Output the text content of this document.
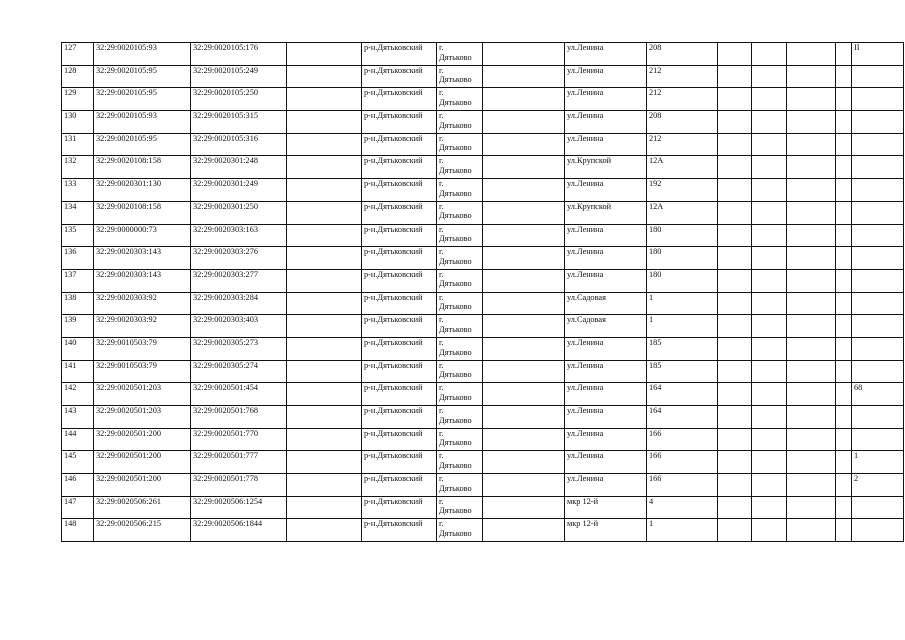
127	32:29:0020105:93	32:29:0020105:176		р-н.Дятьковский	г.
Дятьково		ул.Ленина	208					II
128	32:29:0020105:95	32:29:0020105:249		р-н.Дятьковский	г.
Дятьково		ул.Ленина	212					
129	32:29:0020105:95	32:29:0020105:250		р-н.Дятьковский	г.
Дятьково		ул.Ленина	212					
130	32:29:0020105:93	32:29:0020105:315		р-н.Дятьковский	г.
Дятьково		ул.Ленина	208					
131	32:29:0020105:95	32:29:0020105:316		р-н.Дятьковский	г.
Дятьково		ул.Ленина	212					
132	32:29:0020108:158	32:29:0020301:248		р-н.Дятьковский	г.
Дятьково		ул.Крупской	12А					
133	32:29:0020301:130	32:29:0020301:249		р-н.Дятьковский	г.
Дятьково		ул.Ленина	192					
134	32:29:0020108:158	32:29:0020301:250		р-н.Дятьковский	г.
Дятьково		ул.Крупской	12А					
135	32:29:0000000:73	32:29:0020303:163		р-н.Дятьковский	г.
Дятьково		ул.Ленина	180					
136	32:29:0020303:143	32:29:0020303:276		р-н.Дятьковский	г.
Дятьково		ул.Ленина	180					
137	32:29:0020303:143	32:29:0020303:277		р-н.Дятьковский	г.
Дятьково		ул.Ленина	180					
138	32:29:0020303:92	32:29:0020303:284		р-н.Дятьковский	г.
Дятьково		ул.Садовая	1					
139	32:29:0020303:92	32:29:0020303:403		р-н.Дятьковский	г.
Дятьково		ул.Садовая	1					
140	32:29:0010503:79	32:29:0020305:273		р-н.Дятьковский	г.
Дятьково		ул.Ленина	185					
141	32:29:0010503:79	32:29:0020305:274		р-н.Дятьковский	г.
Дятьково		ул.Ленина	185					
142	32:29:0020501:203	32:29:0020501:454		р-н.Дятьковский	г.
Дятьково		ул.Ленина	164					68
143	32:29:0020501:203	32:29:0020501:768		р-н.Дятьковский	г.
Дятьково		ул.Ленина	164					
144	32:29:0020501:200	32:29:0020501:770		р-н.Дятьковский	г.
Дятьково		ул.Ленина	166					
145	32:29:0020501:200	32:29:0020501:777		р-н.Дятьковский	г.
Дятьково		ул.Ленина	166					1
146	32:29:0020501:200	32:29:0020501:778		р-н.Дятьковский	г.
Дятьково		ул.Ленина	166					2
147	32:29:0020506:261	32:29:0020506:1254		р-н.Дятьковский	г.
Дятьково		мкр 12-й	4					
148	32:29:0020506:215	32:29:0020506:1844		р-н.Дятьковский	г.
Дятьково		мкр 12-й	1					
